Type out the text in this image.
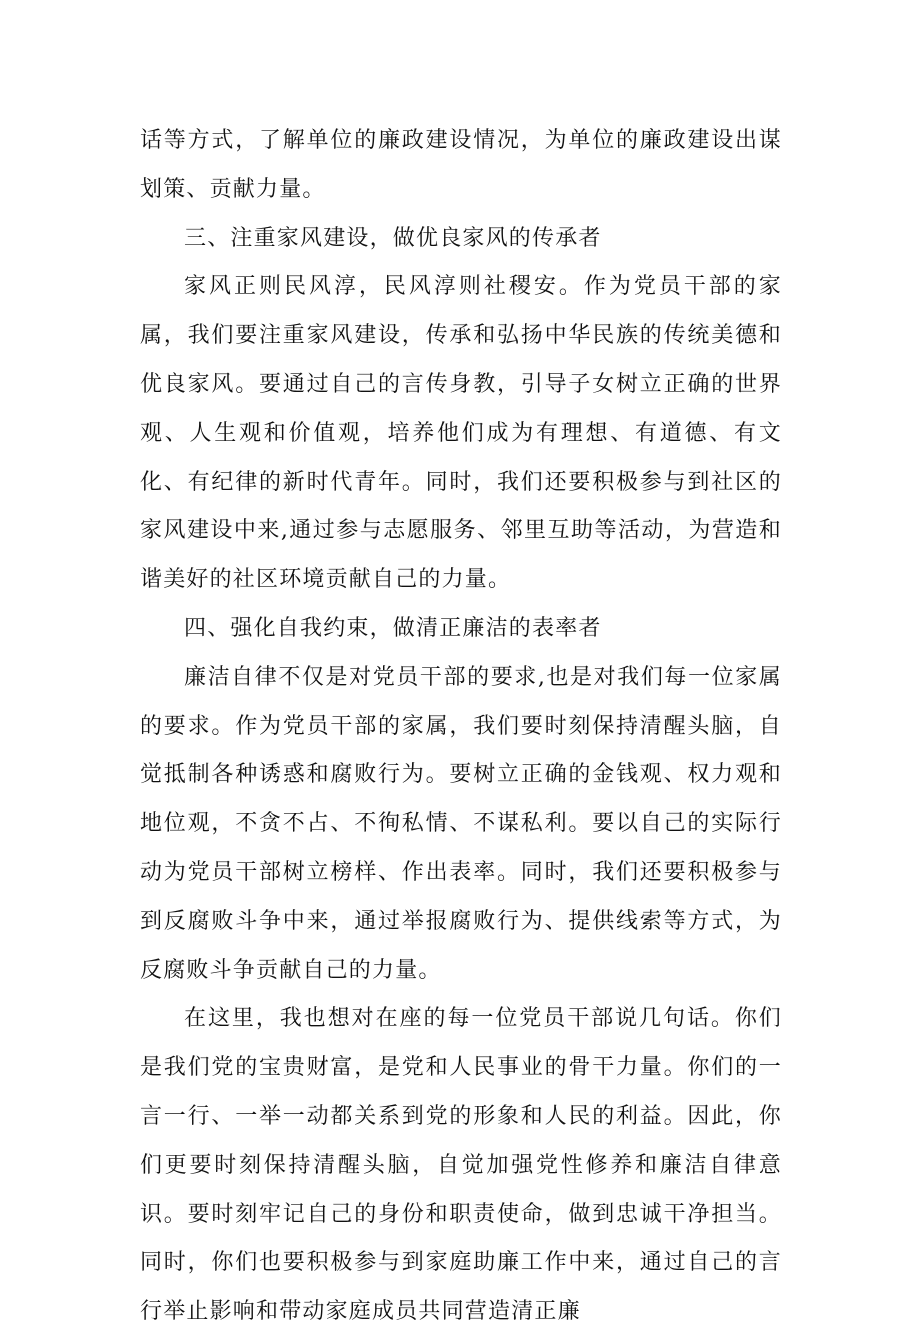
话等方式，了解单位的廉政建设情况，为单位的廉政建设出谋划策、贡献力量。

三、注重家风建设，做优良家风的传承者

家风正则民风淳，民风淳则社稷安。作为党员干部的家属，我们要注重家风建设，传承和弘扬中华民族的传统美德和优良家风。要通过自己的言传身教，引导子女树立正确的世界观、人生观和价值观，培养他们成为有理想、有道德、有文化、有纪律的新时代青年。同时，我们还要积极参与到社区的家风建设中来,通过参与志愿服务、邻里互助等活动，为营造和谐美好的社区环境贡献自己的力量。

四、强化自我约束，做清正廉洁的表率者

廉洁自律不仅是对党员干部的要求,也是对我们每一位家属的要求。作为党员干部的家属，我们要时刻保持清醒头脑，自觉抵制各种诱惑和腐败行为。要树立正确的金钱观、权力观和地位观，不贪不占、不徇私情、不谋私利。要以自己的实际行动为党员干部树立榜样、作出表率。同时，我们还要积极参与到反腐败斗争中来，通过举报腐败行为、提供线索等方式，为反腐败斗争贡献自己的力量。

在这里，我也想对在座的每一位党员干部说几句话。你们是我们党的宝贵财富，是党和人民事业的骨干力量。你们的一言一行、一举一动都关系到党的形象和人民的利益。因此，你们更要时刻保持清醒头脑，自觉加强党性修养和廉洁自律意识。要时刻牢记自己的身份和职责使命，做到忠诚干净担当。同时，你们也要积极参与到家庭助廉工作中来，通过自己的言行举止影响和带动家庭成员共同营造清正廉
